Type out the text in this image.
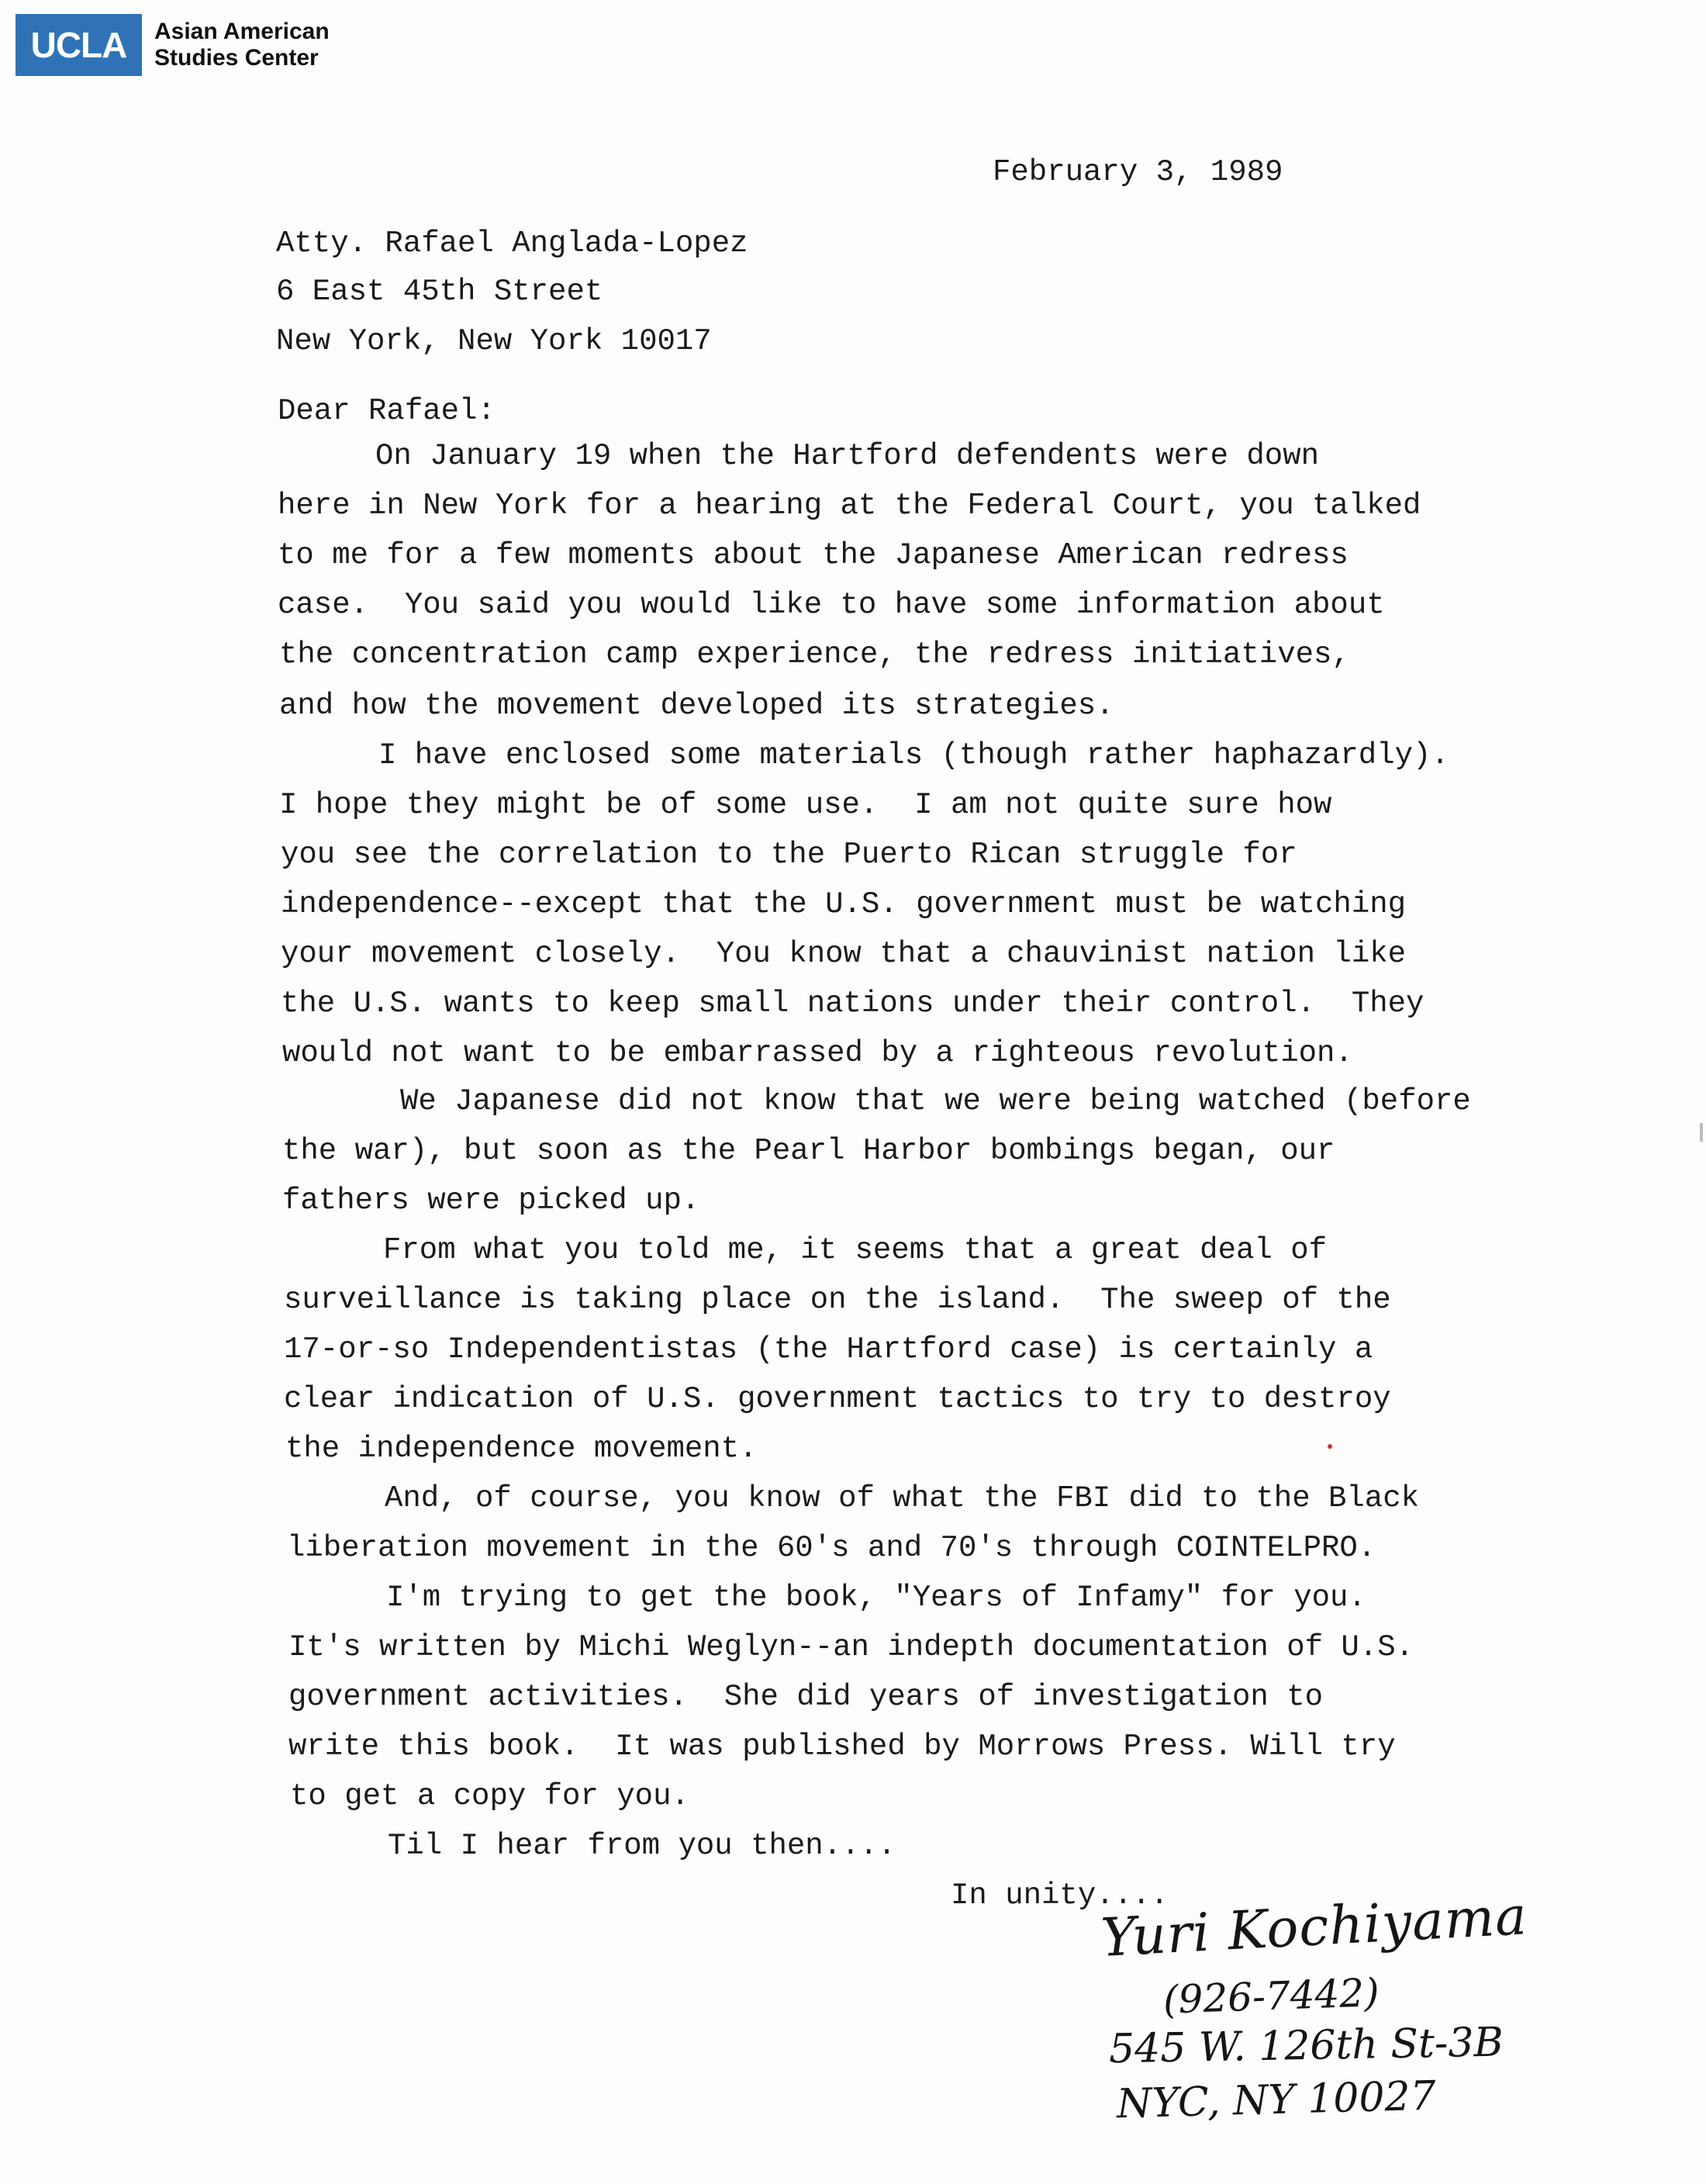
UCLA	Asian American
Studies Center
February 3, 1989
Atty. Rafael Anglada-Lopez
6 East 45th Street
New York, New York 10017
Dear Rafael:
On January 19 when the Hartford defendents were down
here in New York for a hearing at the Federal Court, you talked
to me for a few moments about the Japanese American redress
case.  You said you would like to have some information about
the concentration camp experience, the redress initiatives,
and how the movement developed its strategies.
I have enclosed some materials (though rather haphazardly).
I hope they might be of some use.  I am not quite sure how
you see the correlation to the Puerto Rican struggle for
independence--except that the U.S. government must be watching
your movement closely.  You know that a chauvinist nation like
the U.S. wants to keep small nations under their control.  They
would not want to be embarrassed by a righteous revolution.
We Japanese did not know that we were being watched (before
the war), but soon as the Pearl Harbor bombings began, our
fathers were picked up.
From what you told me, it seems that a great deal of
surveillance is taking place on the island.  The sweep of the
17-or-so Independentistas (the Hartford case) is certainly a
clear indication of U.S. government tactics to try to destroy
the independence movement.
And, of course, you know of what the FBI did to the Black
liberation movement in the 60's and 70's through COINTELPRO.
I'm trying to get the book, "Years of Infamy" for you.
It's written by Michi Weglyn--an indepth documentation of U.S.
government activities.  She did years of investigation to
write this book.  It was published by Morrows Press. Will try
to get a copy for you.
Til I hear from you then....
In unity....
Yuri Kochiyama
(926-7442)
545 W. 126th St-3B
NYC, NY 10027
